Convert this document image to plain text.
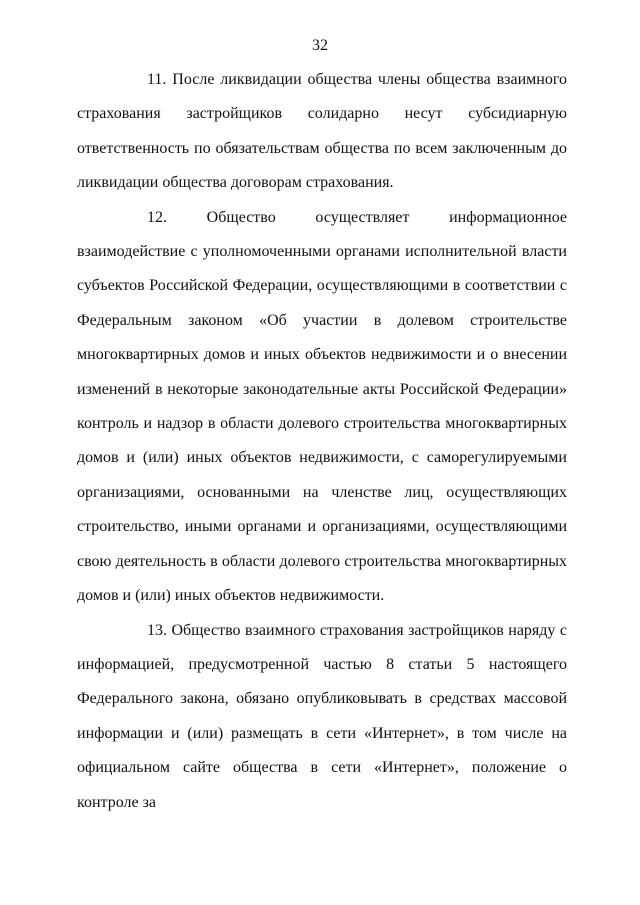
32

11. После ликвидации общества члены общества взаимного страхования застройщиков солидарно несут субсидиарную ответственность по обязательствам общества по всем заключенным до ликвидации общества договорам страхования.

12. Общество осуществляет информационное взаимодействие с уполномоченными органами исполнительной власти субъектов Российской Федерации, осуществляющими в соответствии с Федеральным законом «Об участии в долевом строительстве многоквартирных домов и иных объектов недвижимости и о внесении изменений в некоторые законодательные акты Российской Федерации» контроль и надзор в области долевого строительства многоквартирных домов и (или) иных объектов недвижимости, с саморегулируемыми организациями, основанными на членстве лиц, осуществляющих строительство, иными органами и организациями, осуществляющими свою деятельность в области долевого строительства многоквартирных домов и (или) иных объектов недвижимости.

13. Общество взаимного страхования застройщиков наряду с информацией, предусмотренной частью 8 статьи 5 настоящего Федерального закона, обязано опубликовывать в средствах массовой информации и (или) размещать в сети «Интернет», в том числе на официальном сайте общества в сети «Интернет», положение о контроле за
